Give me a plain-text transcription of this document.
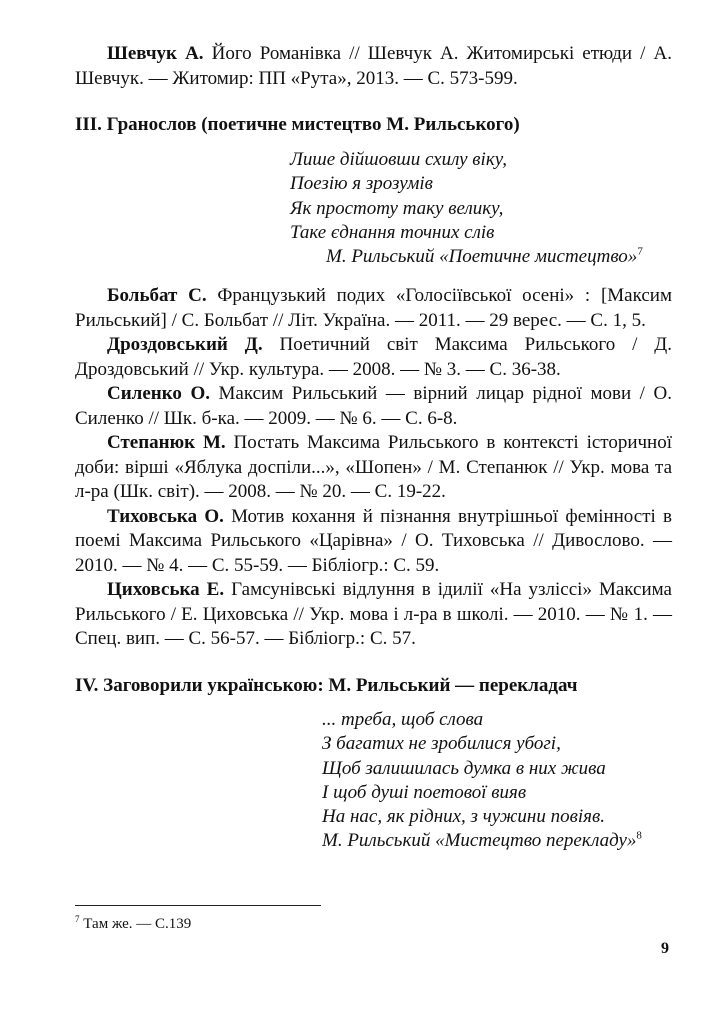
Шевчук А. Його Романівка // Шевчук А. Житомирські етюди / А. Шевчук. — Житомир: ПП «Рута», 2013. — С. 573-599.

III. Гранослов (поетичне мистецтво М. Рильського)
Лише дійшовши схилу віку,
Поезію я зрозумів
Як простоту таку велику,
Таке єднання точних слів
М. Рильський «Поетичне мистецтво»$^7$

Больбат С. Французький подих «Голосіївської осені» : [Максим Рильський] / С. Больбат // Літ. Україна. — 2011. — 29 верес. — С. 1, 5.

Дроздовський Д. Поетичний світ Максима Рильського / Д. Дроздовський // Укр. культура. — 2008. — № 3. — С. 36-38.

Силенко О. Максим Рильський — вірний лицар рідної мови / О. Силенко // Шк. б-ка. — 2009. — № 6. — С. 6-8.

Степанюк М. Постать Максима Рильського в контексті історичної доби: вірші «Яблука доспіли...», «Шопен» / М. Степанюк // Укр. мова та л-ра (Шк. світ). — 2008. — № 20. — С. 19-22.

Тиховська О. Мотив кохання й пізнання внутрішньої фемінності в поемі Максима Рильського «Царівна» / О. Тиховська // Дивослово. — 2010. — № 4. — С. 55-59. — Бібліогр.: С. 59.

Циховська Е. Гамсунівські відлуння в ідилії «На узліссі» Максима Рильського / Е. Циховська // Укр. мова і л-ра в школі. — 2010. — № 1. — Спец. вип. — С. 56-57. — Бібліогр.: С. 57.

IV. Заговорили українською: М. Рильський — перекладач
... треба, щоб слова
З багатих не зробилися убогі,
Щоб залишилась думка в них жива
І щоб душі поетової вияв
На нас, як рідних, з чужини повіяв.
М. Рильський «Мистецтво перекладу»$^8$
$^7$ Там же. — С.139
9
